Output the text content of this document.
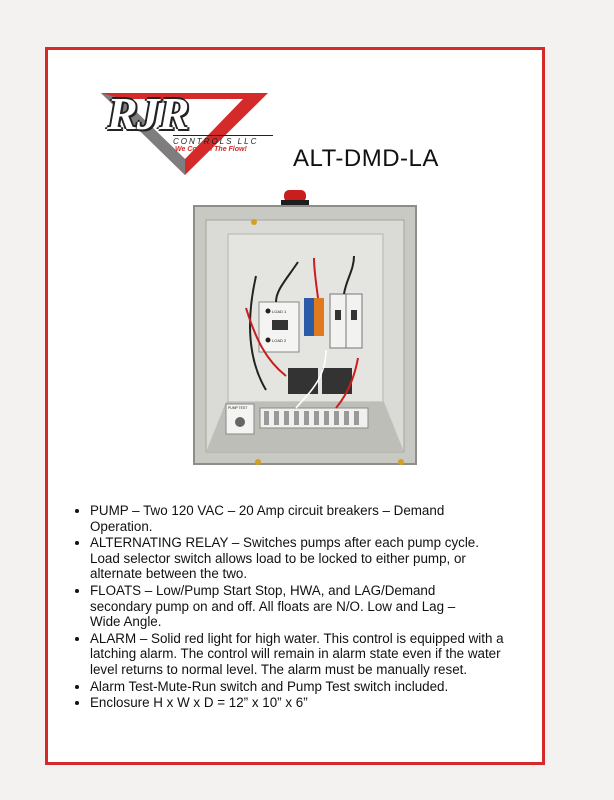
RJR
CONTROLS LLC
We Control The Flow!	ALT-DMD-LA
LOAD 1
LOAD 2
PUMP TEST
• PUMP – Two 120 VAC – 20 Amp circuit breakers – Demand
Operation.
• ALTERNATING RELAY – Switches pumps after each pump cycle.
Load selector switch allows load to be locked to either pump, or
alternate between the two.
• FLOATS – Low/Pump Start Stop, HWA, and LAG/Demand
secondary pump on and off. All floats are N/O. Low and Lag –
Wide Angle.
• ALARM – Solid red light for high water. This control is equipped with a
latching alarm. The control will remain in alarm state even if the water
level returns to normal level. The alarm must be manually reset.
• Alarm Test-Mute-Run switch and Pump Test switch included.
• Enclosure H x W x D = 12” x 10” x 6”
